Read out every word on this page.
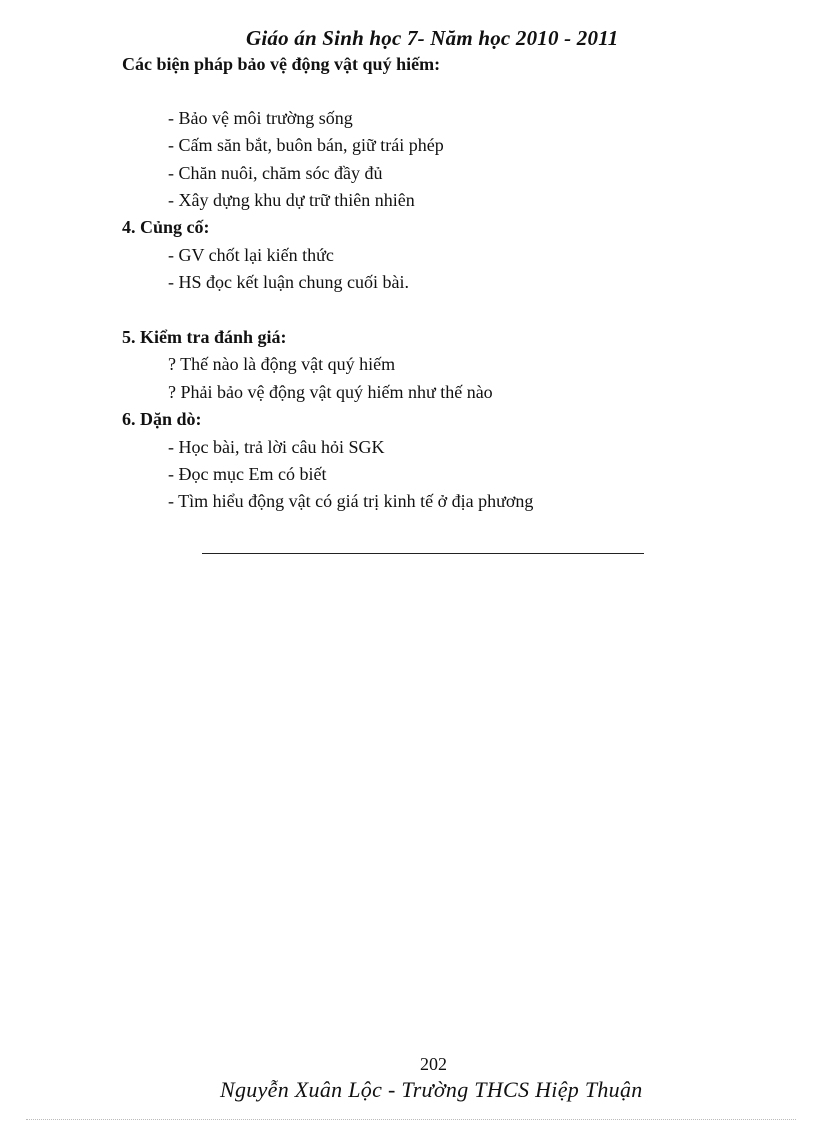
Giáo án Sinh học 7- Năm học 2010 - 2011
Các biện pháp bảo vệ động vật quý hiếm:
- Bảo vệ môi trường sống
- Cấm săn bắt, buôn bán, giữ trái phép
- Chăn nuôi, chăm sóc đầy đủ
- Xây dựng khu dự trữ thiên nhiên
4. Củng cố:
- GV chốt lại kiến thức
- HS đọc kết luận chung cuối bài.
5. Kiểm tra đánh giá:
? Thế nào là động vật quý hiếm
? Phải bảo vệ động vật quý hiếm như thế nào
6. Dặn dò:
- Học bài, trả lời câu hỏi SGK
- Đọc mục Em có biết
- Tìm hiểu động vật có giá trị kinh tế ở địa phương
202
Nguyễn Xuân Lộc - Trường THCS Hiệp Thuận
